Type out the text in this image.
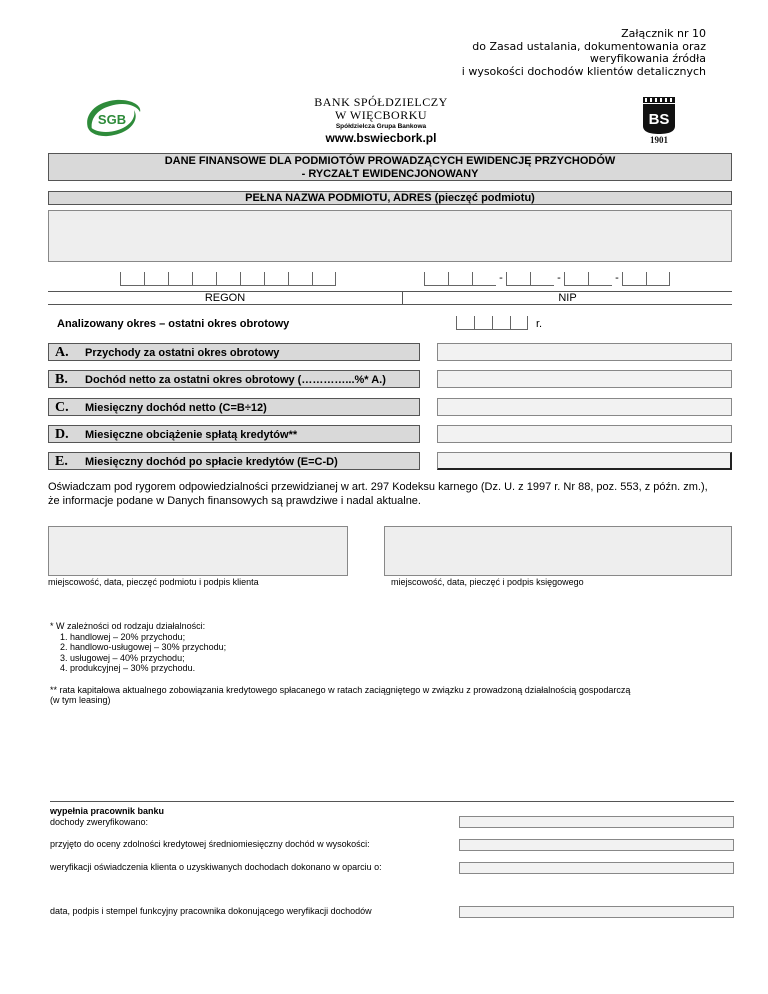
Załącznik nr 10
do Zasad ustalania, dokumentowania oraz
weryfikowania źródła
i wysokości dochodów klientów detalicznych
SGB
BANK SPÓŁDZIELCZY
W WIĘCBORKU
Spółdzielcza Grupa Bankowa
www.bswiecbork.pl
BS
1901
DANE FINANSOWE DLA PODMIOTÓW PROWADZĄCYCH EWIDENCJĘ PRZYCHODÓW
- RYCZAŁT EWIDENCJONOWANY
PEŁNA NAZWA PODMIOTU, ADRES (pieczęć podmiotu)
-	-	-
REGON	NIP
Analizowany okres – ostatni okres obrotowy	r.
A. Przychody za ostatni okres obrotowy
B. Dochód netto za ostatni okres obrotowy (…………...%* A.)
C. Miesięczny dochód netto (C=B÷12)
D. Miesięczne obciążenie spłatą kredytów**
E. Miesięczny dochód po spłacie kredytów (E=C-D)
Oświadczam pod rygorem odpowiedzialności przewidzianej w art. 297 Kodeksu karnego (Dz. U. z 1997 r. Nr 88, poz. 553, z późn. zm.),
że informacje podane w Danych finansowych są prawdziwe i nadal aktualne.
miejscowość, data, pieczęć podmiotu i podpis klienta	miejscowość, data, pieczęć i podpis księgowego
* W zależności od rodzaju działalności:
1. handlowej – 20% przychodu;
2. handlowo-usługowej – 30% przychodu;
3. usługowej – 40% przychodu;
4. produkcyjnej – 30% przychodu.
** rata kapitałowa aktualnego zobowiązania kredytowego spłacanego w ratach zaciągniętego w związku z prowadzoną działalnością gospodarczą
(w tym leasing)
wypełnia pracownik banku
dochody zweryfikowano:
przyjęto do oceny zdolności kredytowej średniomiesięczny dochód w wysokości:
weryfikacji oświadczenia klienta o uzyskiwanych dochodach dokonano w oparciu o:
data, podpis i stempel funkcyjny pracownika dokonującego weryfikacji dochodów
